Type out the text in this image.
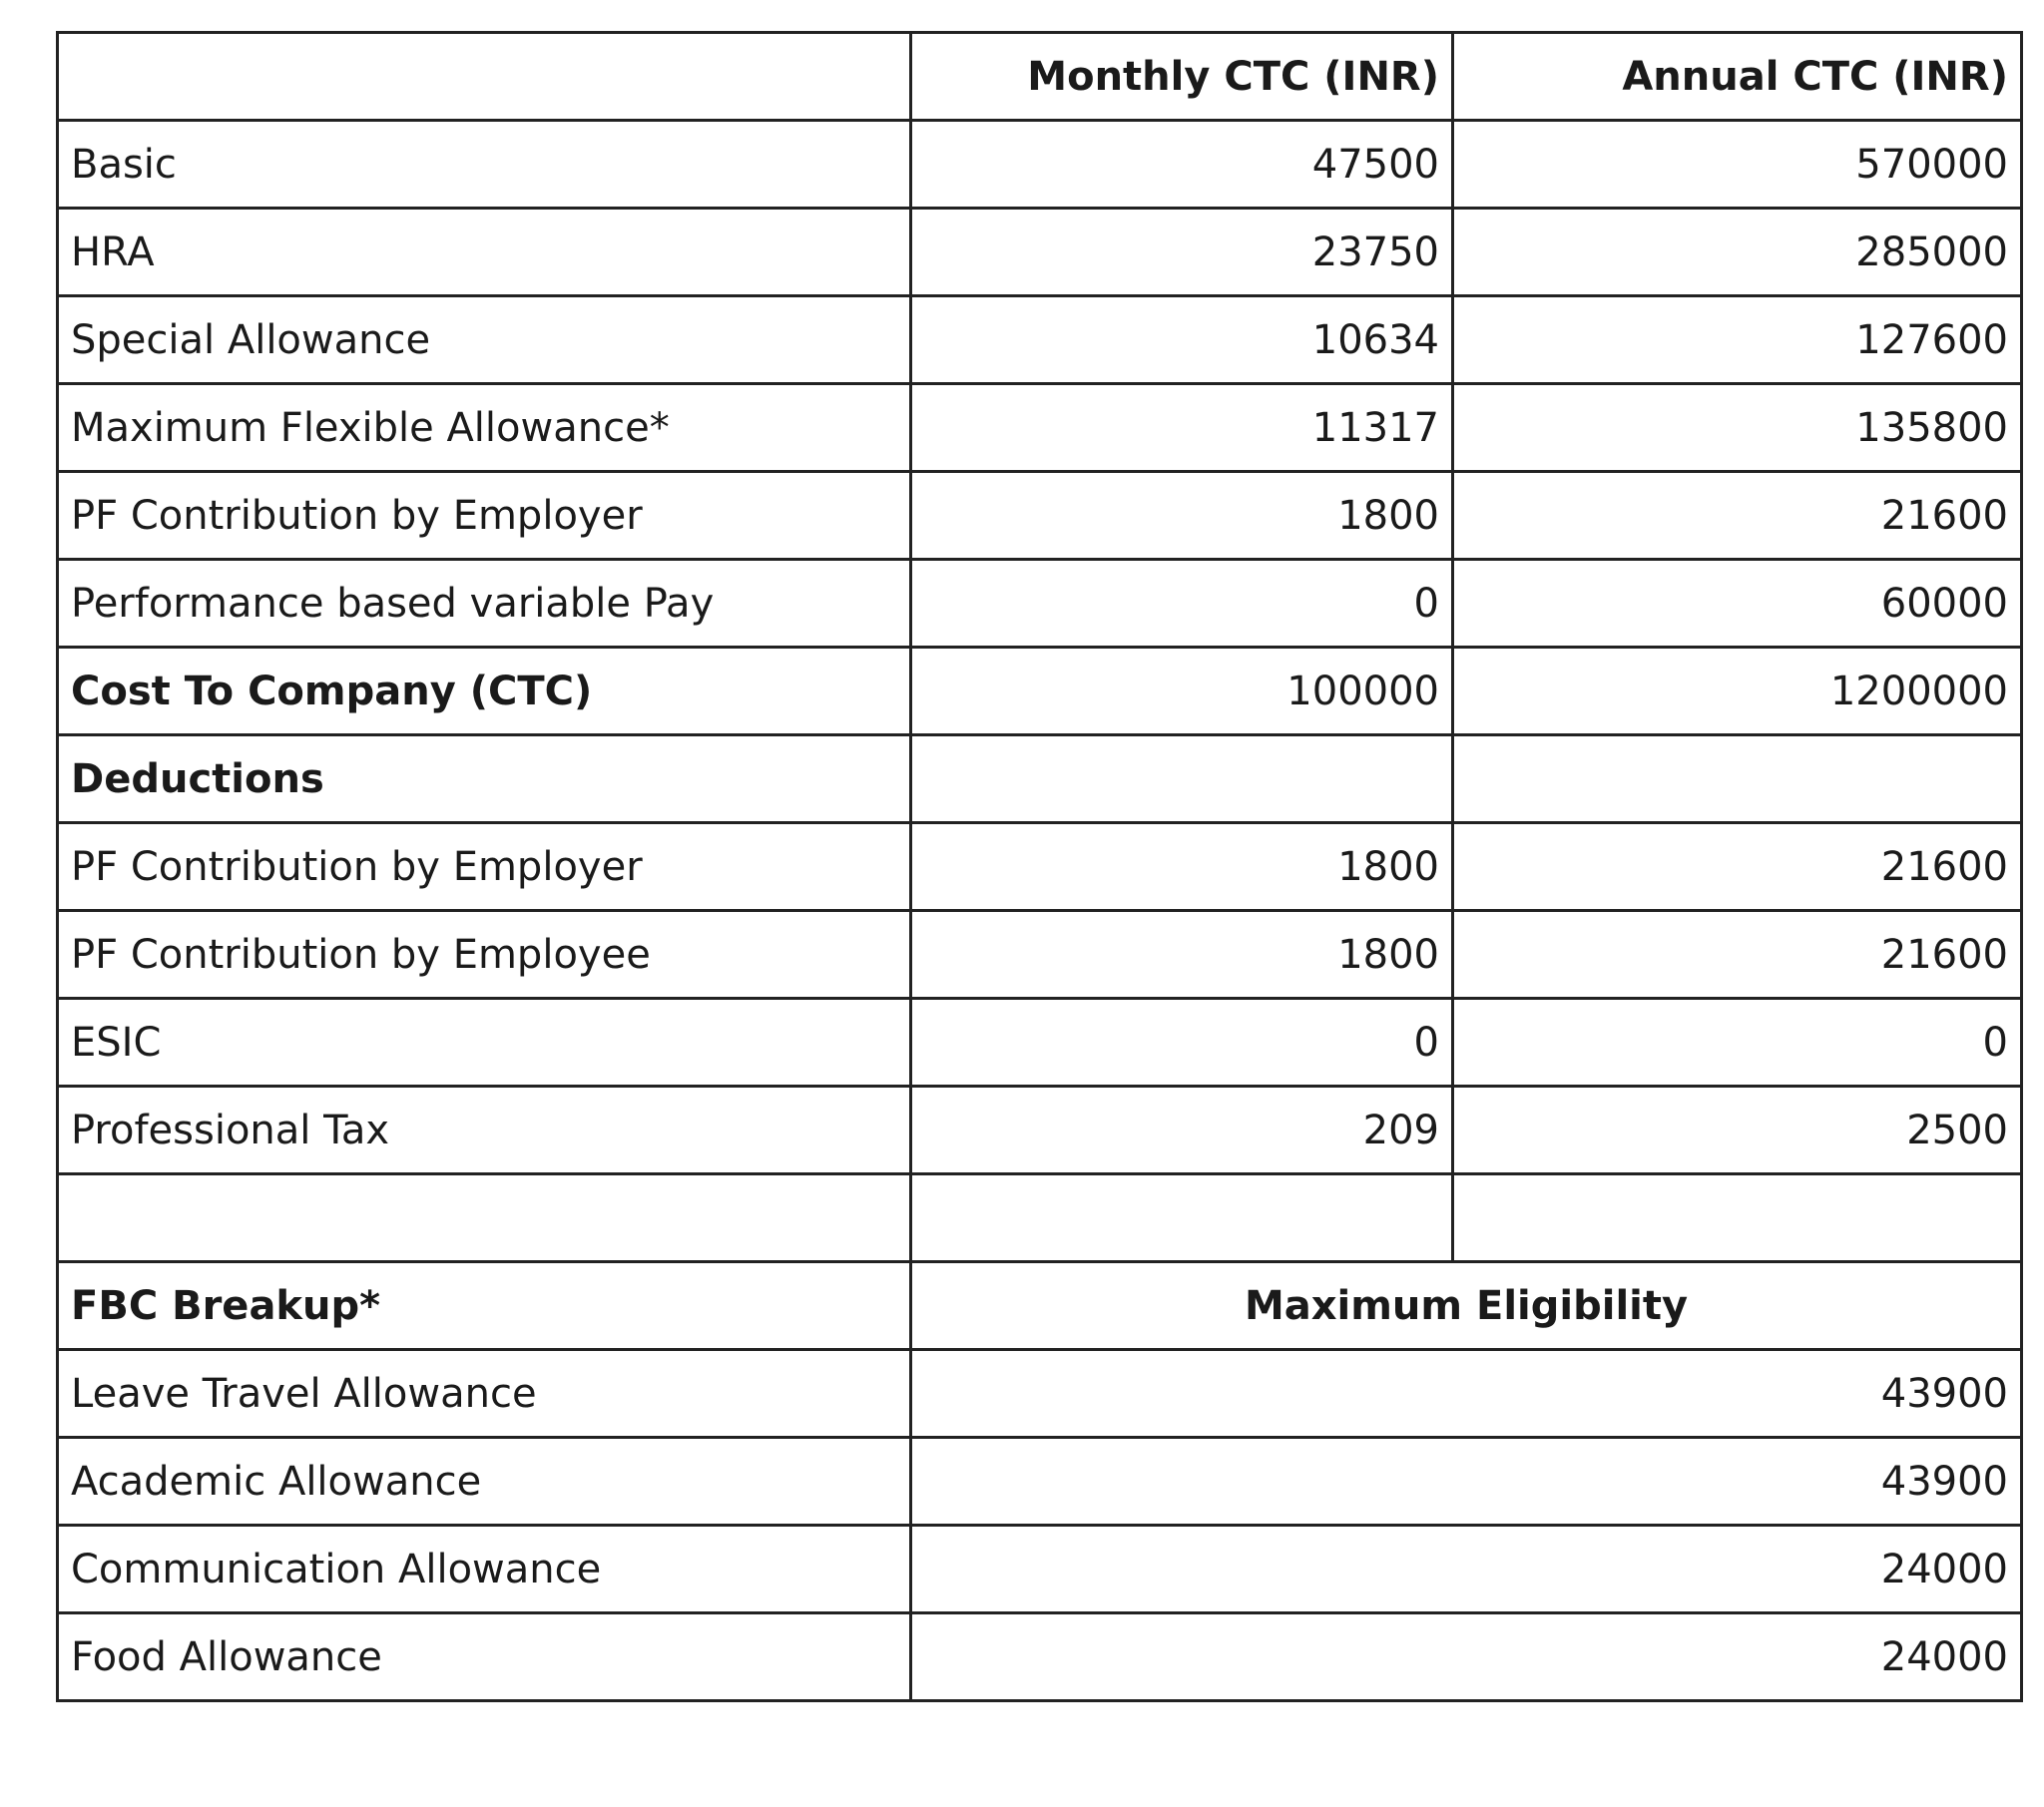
	Monthly CTC (INR)	Annual CTC (INR)
Basic	47500	570000
HRA	23750	285000
Special Allowance	10634	127600
Maximum Flexible Allowance*	11317	135800
PF Contribution by Employer	1800	21600
Performance based variable Pay	0	60000
Cost To Company (CTC)	100000	1200000
Deductions		
PF Contribution by Employer	1800	21600
PF Contribution by Employee	1800	21600
ESIC	0	0
Professional Tax	209	2500

FBC Breakup*	Maximum Eligibility	
Leave Travel Allowance	43900	
Academic Allowance	43900	
Communication Allowance	24000	
Food Allowance	24000	
